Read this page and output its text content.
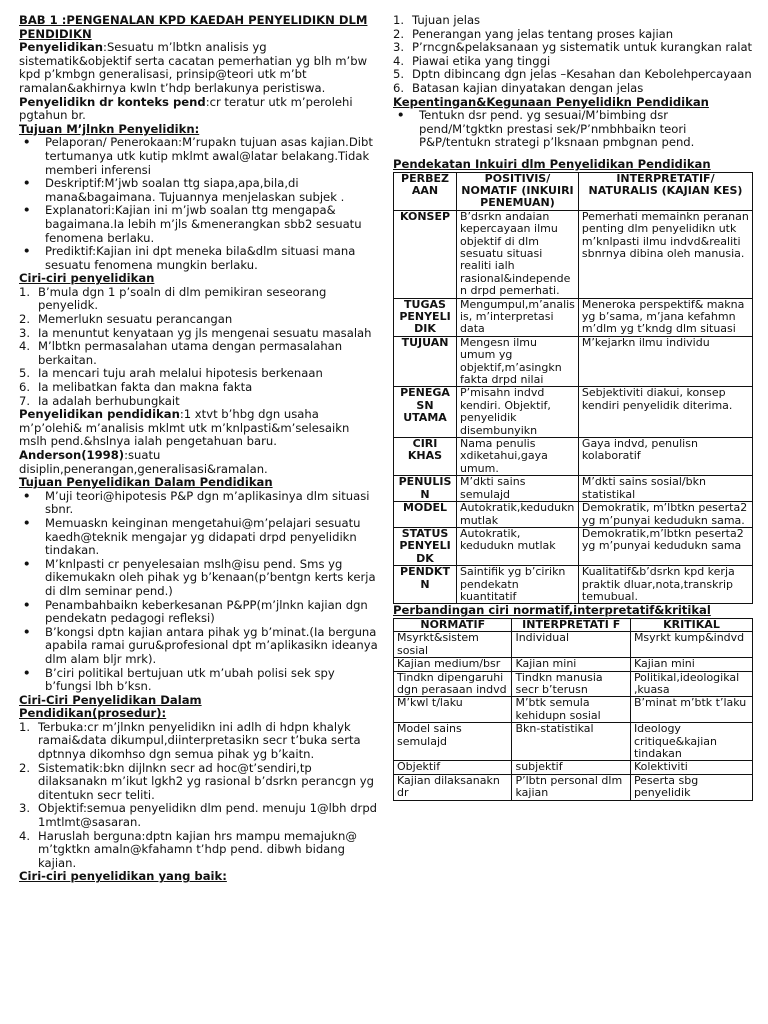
BAB 1 :PENGENALAN KPD KAEDAH PENYELIDIKN DLM PENDIDIKN

Penyelidikan:Sesuatu m’lbtkn analisis yg sistematik&objektif serta cacatan pemerhatian yg blh m’bw kpd p’kmbgn generalisasi, prinsip@teori utk m’bt ramalan&akhirnya kwln t’hdp berlakunya peristiswa.

Penyelidikn dr konteks pend:cr teratur utk m’perolehi pgtahun br.

Tujuan M’jlnkn Penyelidikn:

• Pelaporan/ Penerokaan:M’rupakn tujuan asas kajian.Dibt tertumanya utk kutip mklmt awal@latar belakang.Tidak memberi inferensi
• Deskriptif:M’jwb soalan ttg siapa,apa,bila,di mana&bagaimana. Tujuannya menjelaskan subjek .
• Explanatori:Kajian ini m’jwb soalan ttg mengapa& bagaimana.Ia lebih m’jls &menerangkan sbb2 sesuatu fenomena berlaku.
• Prediktif:Kajian ini dpt meneka bila&dlm situasi mana sesuatu fenomena mungkin berlaku.

Ciri-ciri penyelidikan

1. B’mula dgn 1 p’soaln di dlm pemikiran seseorang penyelidk.
2. Memerlukn sesuatu perancangan
3. Ia menuntut kenyataan yg jls mengenai sesuatu masalah
4. M’lbtkn permasalahan utama dengan permasalahan berkaitan.
5. Ia mencari tuju arah melalui hipotesis berkenaan
6. Ia melibatkan fakta dan makna fakta
7. Ia adalah berhubungkait

Penyelidikan pendidikan:1 xtvt b’hbg dgn usaha m’p’olehi& m’analisis mklmt utk m’knlpasti&m’selesaikn mslh pend.&hslnya ialah pengetahuan baru.

Anderson(1998):suatu disiplin,penerangan,generalisasi&ramalan.

Tujuan Penyelidikan Dalam Pendidikan

• M’uji teori@hipotesis P&P dgn m’aplikasinya dlm situasi sbnr.
• Memuaskn keinginan mengetahui@m’pelajari sesuatu kaedh@teknik mengajar yg didapati drpd penyelidikn tindakan.
• M’knlpasti cr penyelesaian mslh@isu pend. Sms yg dikemukakn oleh pihak yg b’kenaan(p’bentgn kerts kerja di dlm seminar pend.)
• Penambahbaikn keberkesanan P&PP(m’jlnkn kajian dgn pendekatn pedagogi refleksi)
• B’kongsi dptn kajian antara pihak yg b’minat.(Ia berguna apabila ramai guru&profesional dpt m’aplikasikn ideanya dlm alam bljr mrk).
• B’ciri politikal bertujuan utk m’ubah polisi sek spy b’fungsi lbh b’ksn.

Ciri-Ciri Penyelidikan Dalam
Pendidikan(prosedur):

1. Terbuka:cr m’jlnkn penyelidikn ini adlh di hdpn khalyk ramai&data dikumpul,diinterpretasikn secr t’buka serta dptnnya dikomhso dgn semua pihak yg b’kaitn.
2. Sistematik:bkn dijlnkn secr ad hoc@t’sendiri,tp dilaksanakn m’ikut lgkh2 yg rasional b’dsrkn perancgn yg ditentukn secr teliti.
3. Objektif:semua penyelidikn dlm pend. menuju 1@lbh drpd 1mtlmt@sasaran.
4. Haruslah berguna:dptn kajian hrs mampu memajukn@ m’tgktkn amaln@kfahamn t’hdp pend. dibwh bidang kajian.

Ciri-ciri penyelidikan yang baik:

1. Tujuan jelas
2. Penerangan yang jelas tentang proses kajian
3. P’rncgn&pelaksanaan yg sistematik untuk kurangkan ralat
4. Piawai etika yang tinggi
5. Dptn dibincang dgn jelas –Kesahan dan Kebolehpercayaan
6. Batasan kajian dinyatakan dengan jelas

Kepentingan&Kegunaan Penyelidikn Pendidikan

• Tentukn dsr pend. yg sesuai/M’bimbing dsr pend/M’tgktkn prestasi sek/P’nmbhbaikn teori P&P/tentukn strategi p’lksnaan pmbgnan pend.

Pendekatan Inkuiri dlm Penyelidikan Pendidikan

PERBEZ AAN	POSITIVIS/ NOMATIF (INKUIRI PENEMUAN)	INTERPRETATIF/ NATURALIS (KAJIAN KES)
KONSEP	B’dsrkn andaian kepercayaan ilmu objektif di dlm sesuatu situasi realiti ialh rasional&independe n drpd pemerhati.	Pemerhati memainkn peranan penting dlm penyelidikn utk m’knlpasti ilmu indvd&realiti sbnrnya dibina oleh manusia.
TUGAS PENYELI DIK	Mengumpul,m’analis is, m’interpretasi data	Meneroka perspektif& makna yg b’sama, m’jana kefahmn m’dlm yg t’kndg dlm situasi
TUJUAN	Mengesn ilmu umum yg objektif,m’asingkn fakta drpd nilai	M’kejarkn ilmu individu
PENEGA SN UTAMA	P’misahn indvd kendiri. Objektif, penyelidik disembunyikn	Sebjektiviti diakui, konsep kendiri penyelidik diterima.
CIRI KHAS	Nama penulis xdiketahui,gaya umum.	Gaya indvd, penulisn kolaboratif
PENULIS N	M’dkti sains semulajd	M’dkti sains sosial/bkn statistikal
MODEL	Autokratik,kedudukn mutlak	Demokratik, m’lbtkn peserta2 yg m’punyai kedudukn sama.
STATUS PENYELI DK	Autokratik, kedudukn mutlak	Demokratik,m’lbtkn peserta2 yg m’punyai kedudukn sama
PENDKT N	Saintifik yg b’cirikn pendekatn kuantitatif	Kualitatif&b’dsrkn kpd kerja praktik dluar,nota,transkrip temubual.

Perbandingan ciri normatif,interpretatif&kritikal

NORMATIF	INTERPRETATI F	KRITIKAL
Msyrkt&sistem sosial	Individual	Msyrkt kump&indvd
Kajian medium/bsr	Kajian mini	Kajian mini
Tindkn dipengaruhi dgn perasaan indvd	Tindkn manusia secr b’terusn	Politikal,ideologikal ,kuasa
M’kwl t/laku	M’btk semula kehidupn sosial	B’minat m’btk t’laku
Model sains semulajd	Bkn-statistikal	Ideology critique&kajian tindakan
Objektif	subjektif	Kolektiviti
Kajian dilaksanakn dr	P’lbtn personal dlm kajian	Peserta sbg penyelidik
